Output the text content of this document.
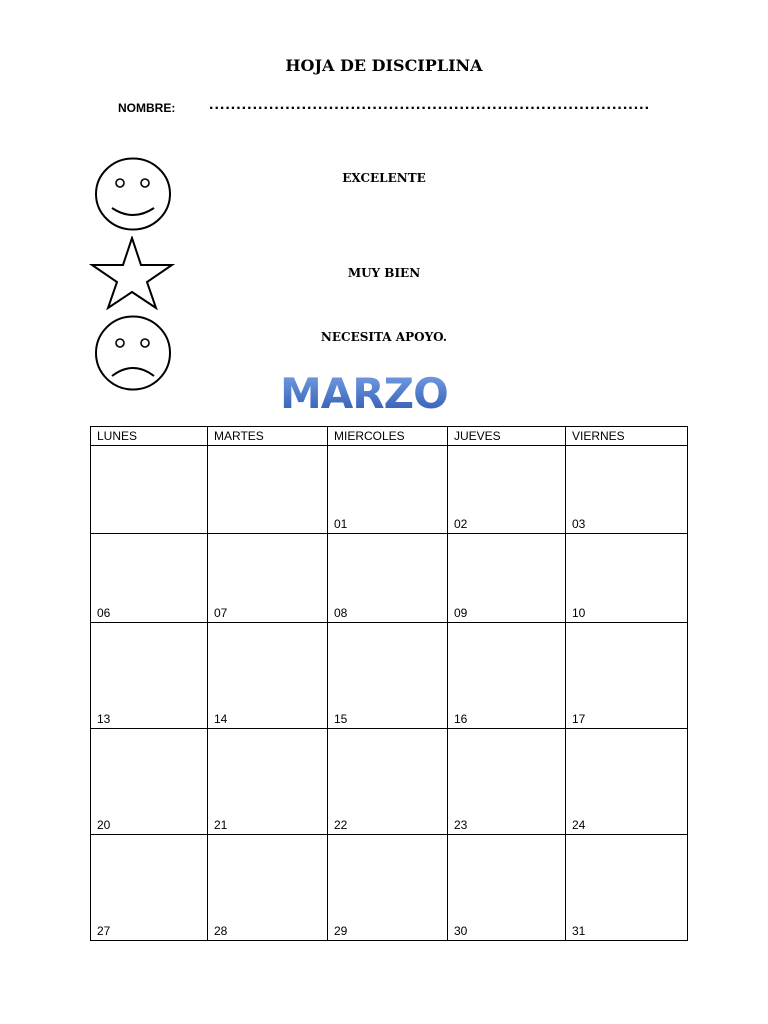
HOJA DE DISCIPLINA
NOMBRE: .................................................................................
EXCELENTE
MUY BIEN
NECESITA APOYO.
MARZO
LUNES	MARTES	MIERCOLES	JUEVES	VIERNES
		01	02	03
06	07	08	09	10
13	14	15	16	17
20	21	22	23	24
27	28	29	30	31
